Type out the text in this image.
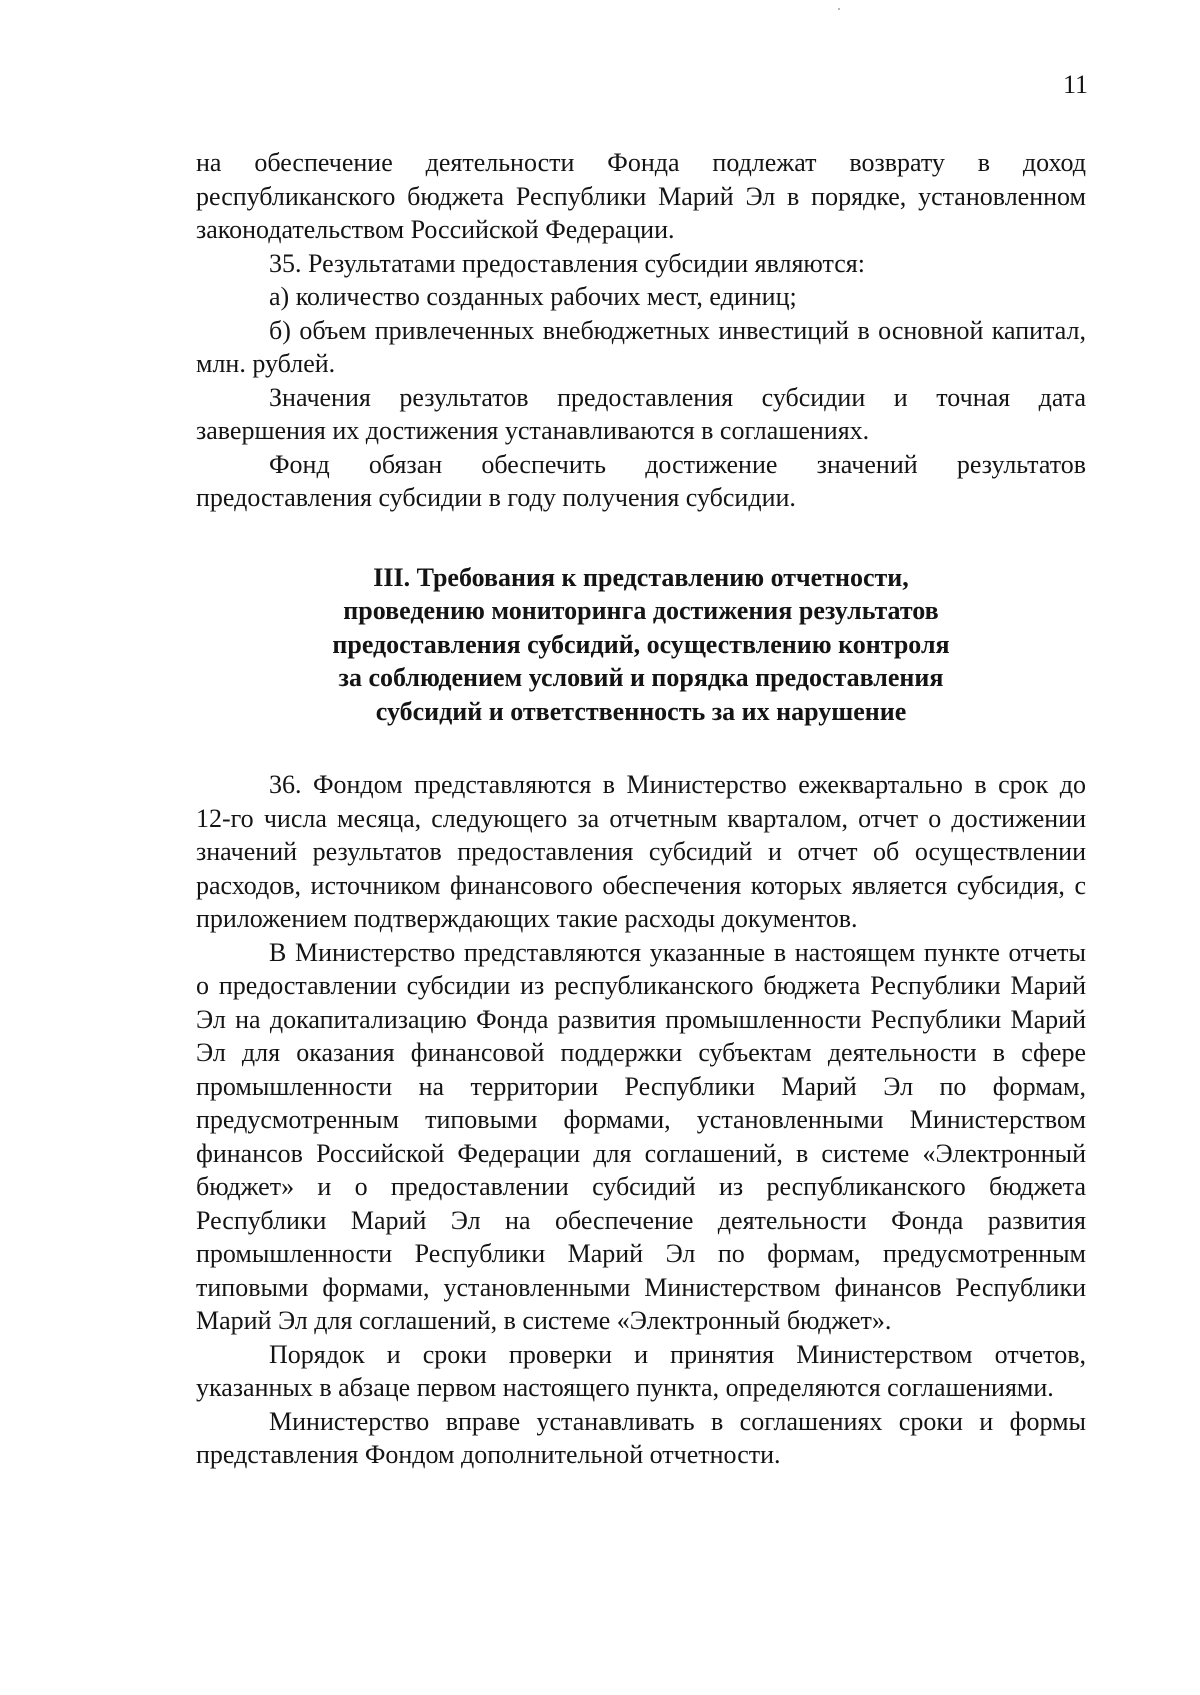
11

на обеспечение деятельности Фонда подлежат возврату в доход республиканского бюджета Республики Марий Эл в порядке, установленном законодательством Российской Федерации.

35. Результатами предоставления субсидии являются:

а) количество созданных рабочих мест, единиц;

б) объем привлеченных внебюджетных инвестиций в основной капитал, млн. рублей.

Значения результатов предоставления субсидии и точная дата завершения их достижения устанавливаются в соглашениях.

Фонд обязан обеспечить достижение значений результатов предоставления субсидии в году получения субсидии.

III. Требования к представлению отчетности,
проведению мониторинга достижения результатов
предоставления субсидий, осуществлению контроля
за соблюдением условий и порядка предоставления
субсидий и ответственность за их нарушение

36. Фондом представляются в Министерство ежеквартально в срок до 12-го числа месяца, следующего за отчетным кварталом, отчет о достижении значений результатов предоставления субсидий и отчет об осуществлении расходов, источником финансового обеспечения которых является субсидия, с приложением подтверждающих такие расходы документов.

В Министерство представляются указанные в настоящем пункте отчеты о предоставлении субсидии из республиканского бюджета Республики Марий Эл на докапитализацию Фонда развития промышленности Республики Марий Эл для оказания финансовой поддержки субъектам деятельности в сфере промышленности на территории Республики Марий Эл по формам, предусмотренным типовыми формами, установленными Министерством финансов Российской Федерации для соглашений, в системе «Электронный бюджет» и о предоставлении субсидий из республиканского бюджета Республики Марий Эл на обеспечение деятельности Фонда развития промышленности Республики Марий Эл по формам, предусмотренным типовыми формами, установленными Министерством финансов Республики Марий Эл для соглашений, в системе «Электронный бюджет».

Порядок и сроки проверки и принятия Министерством отчетов, указанных в абзаце первом настоящего пункта, определяются соглашениями.

Министерство вправе устанавливать в соглашениях сроки и формы представления Фондом дополнительной отчетности.
